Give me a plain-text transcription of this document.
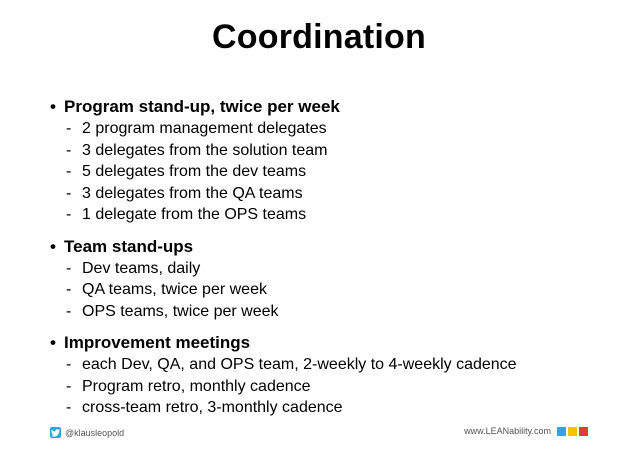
Coordination
• Program stand-up, twice per week
- 2 program management delegates
- 3 delegates from the solution team
- 5 delegates from the dev teams
- 3 delegates from the QA teams
- 1 delegate from the OPS teams
• Team stand-ups
- Dev teams, daily
- QA teams, twice per week
- OPS teams, twice per week
• Improvement meetings
- each Dev, QA, and OPS team, 2-weekly to 4-weekly cadence
- Program retro, monthly cadence
- cross-team retro, 3-monthly cadence
@klausleopold	www.LEANability.com
